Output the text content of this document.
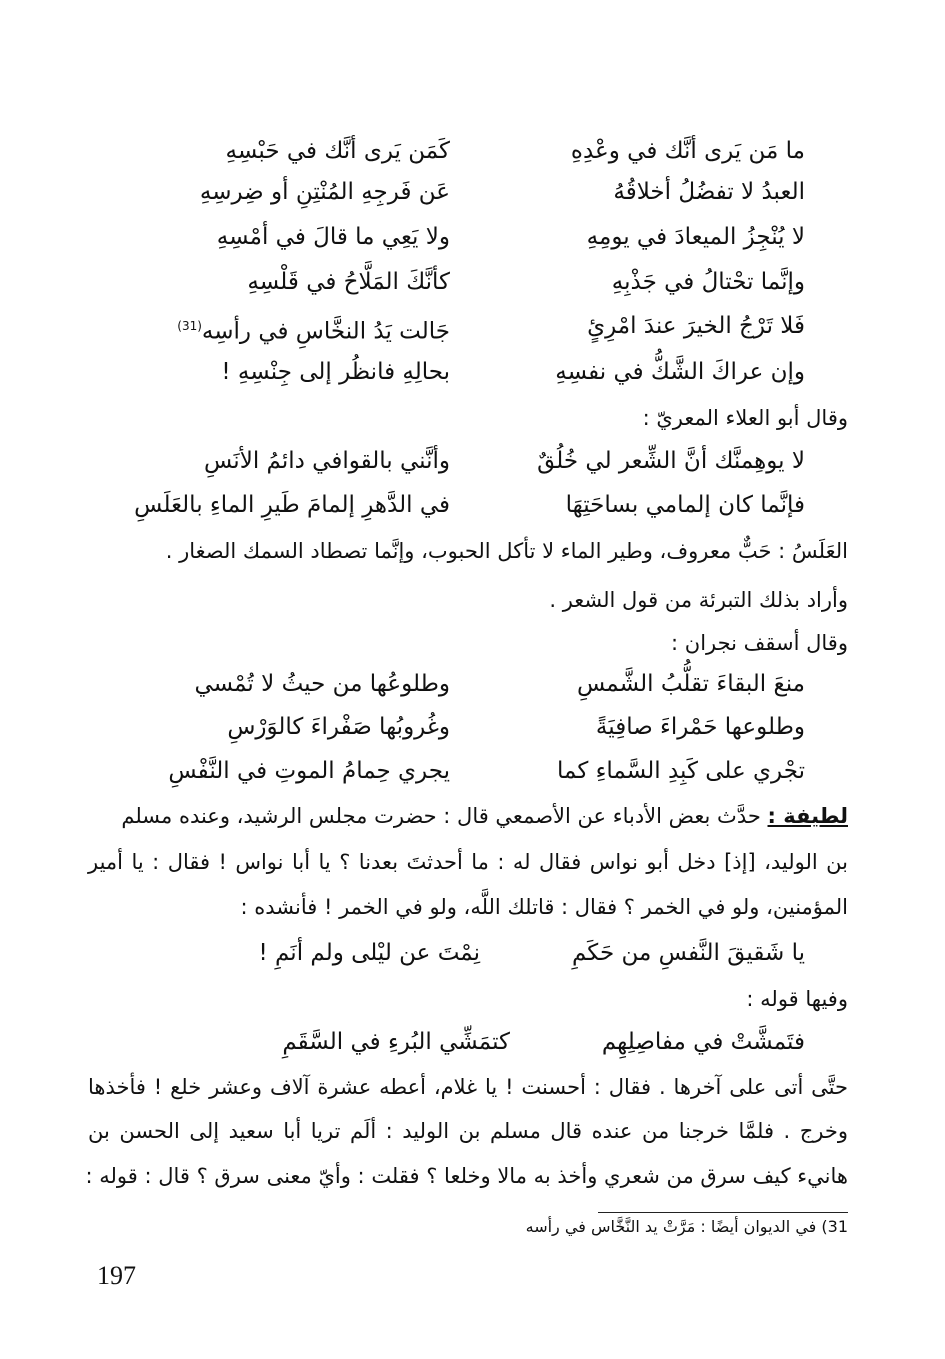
ما مَن يَرى أنَّك في وعْدِهِ
كَمَن يَرى أنَّك في حَبْسِهِ
العبدُ لا تفضُلُ أخلاقُهُ
عَن فَرجِهِ المُنْتِنِ أو ضِرسِهِ
لا يُنْجِزُ الميعادَ في يومِهِ
ولا يَعِي ما قالَ في أمْسِهِ
وإنَّما تحْتالُ في جَذْبِهِ
كأنَّكَ المَلَّاحُ في قَلْسِهِ
فَلا تَرْجُ الخيرَ عندَ امْرِئٍ
جَالت يَدُ النخَّاسِ في رأسِه$^{(31)}$
وإن عراكَ الشَّكُّ في نفسِهِ
بحالِهِ فانظُر إلى جِنْسِهِ !
وقال أبو العلاء المعريّ :
لا يوهِمنَّك أنَّ الشِّعر لي خُلُقٌ
وأنَّني بالقوافي دائمُ الأنَسِ
فإنَّما كان إلمامي بساحَتِهَا
في الدَّهرِ إلمامَ طَيرِ الماءِ بالعَلَسِ
العَلَسُ : حَبٌّ معروف، وطير الماء لا تأكل الحبوب، وإنَّما تصطاد السمك الصغار .
وأراد بذلك التبرئة من قول الشعر .
وقال أسقف نجران :
منعَ البقاءَ تقلُّبُ الشَّمسِ
وطلوعُها من حيثُ لا تُمْسي
وطلوعها حَمْراءَ صافِيَةً
وغُروبُها صَفْراءَ كالوَرْسِ
تجْري على كَبِدِ السَّماءِ كما
يجري حِمامُ الموتِ في النَّفْسِ
لطيفة : حدَّث بعض الأدباء عن الأصمعي قال : حضرت مجلس الرشيد، وعنده مسلم
بن الوليد، [إذ] دخل أبو نواس فقال له : ما أحدثتَ بعدنا ؟ يا أبا نواس ! فقال : يا أمير
المؤمنين، ولو في الخمر ؟ فقال : قاتلك اللَّه، ولو في الخمر ! فأنشده :
يا شَقيقَ النَّفسِ من حَكَمِ
نِمْتَ عن ليْلى ولم أنَمِ !
وفيها قوله :
فتَمشَّتْ في مفاصِلِهِم
كتمَشِّي البُرءِ في السَّقَمِ
حتَّى أتى على آخرها . فقال : أحسنت ! يا غلام، أعطه عشرة آلاف وعشر خلع ! فأخذها
وخرج . فلمَّا خرجنا من عنده قال مسلم بن الوليد : ألَم تريا أبا سعيد إلى الحسن بن
هانيء كيف سرق من شعري وأخذ به مالا وخلعا ؟ فقلت : وأيّ معنى سرق ؟ قال : قوله :
31) في الديوان أيضًا : مَرَّتْ يد النَّخَّاس في رأسه
197
